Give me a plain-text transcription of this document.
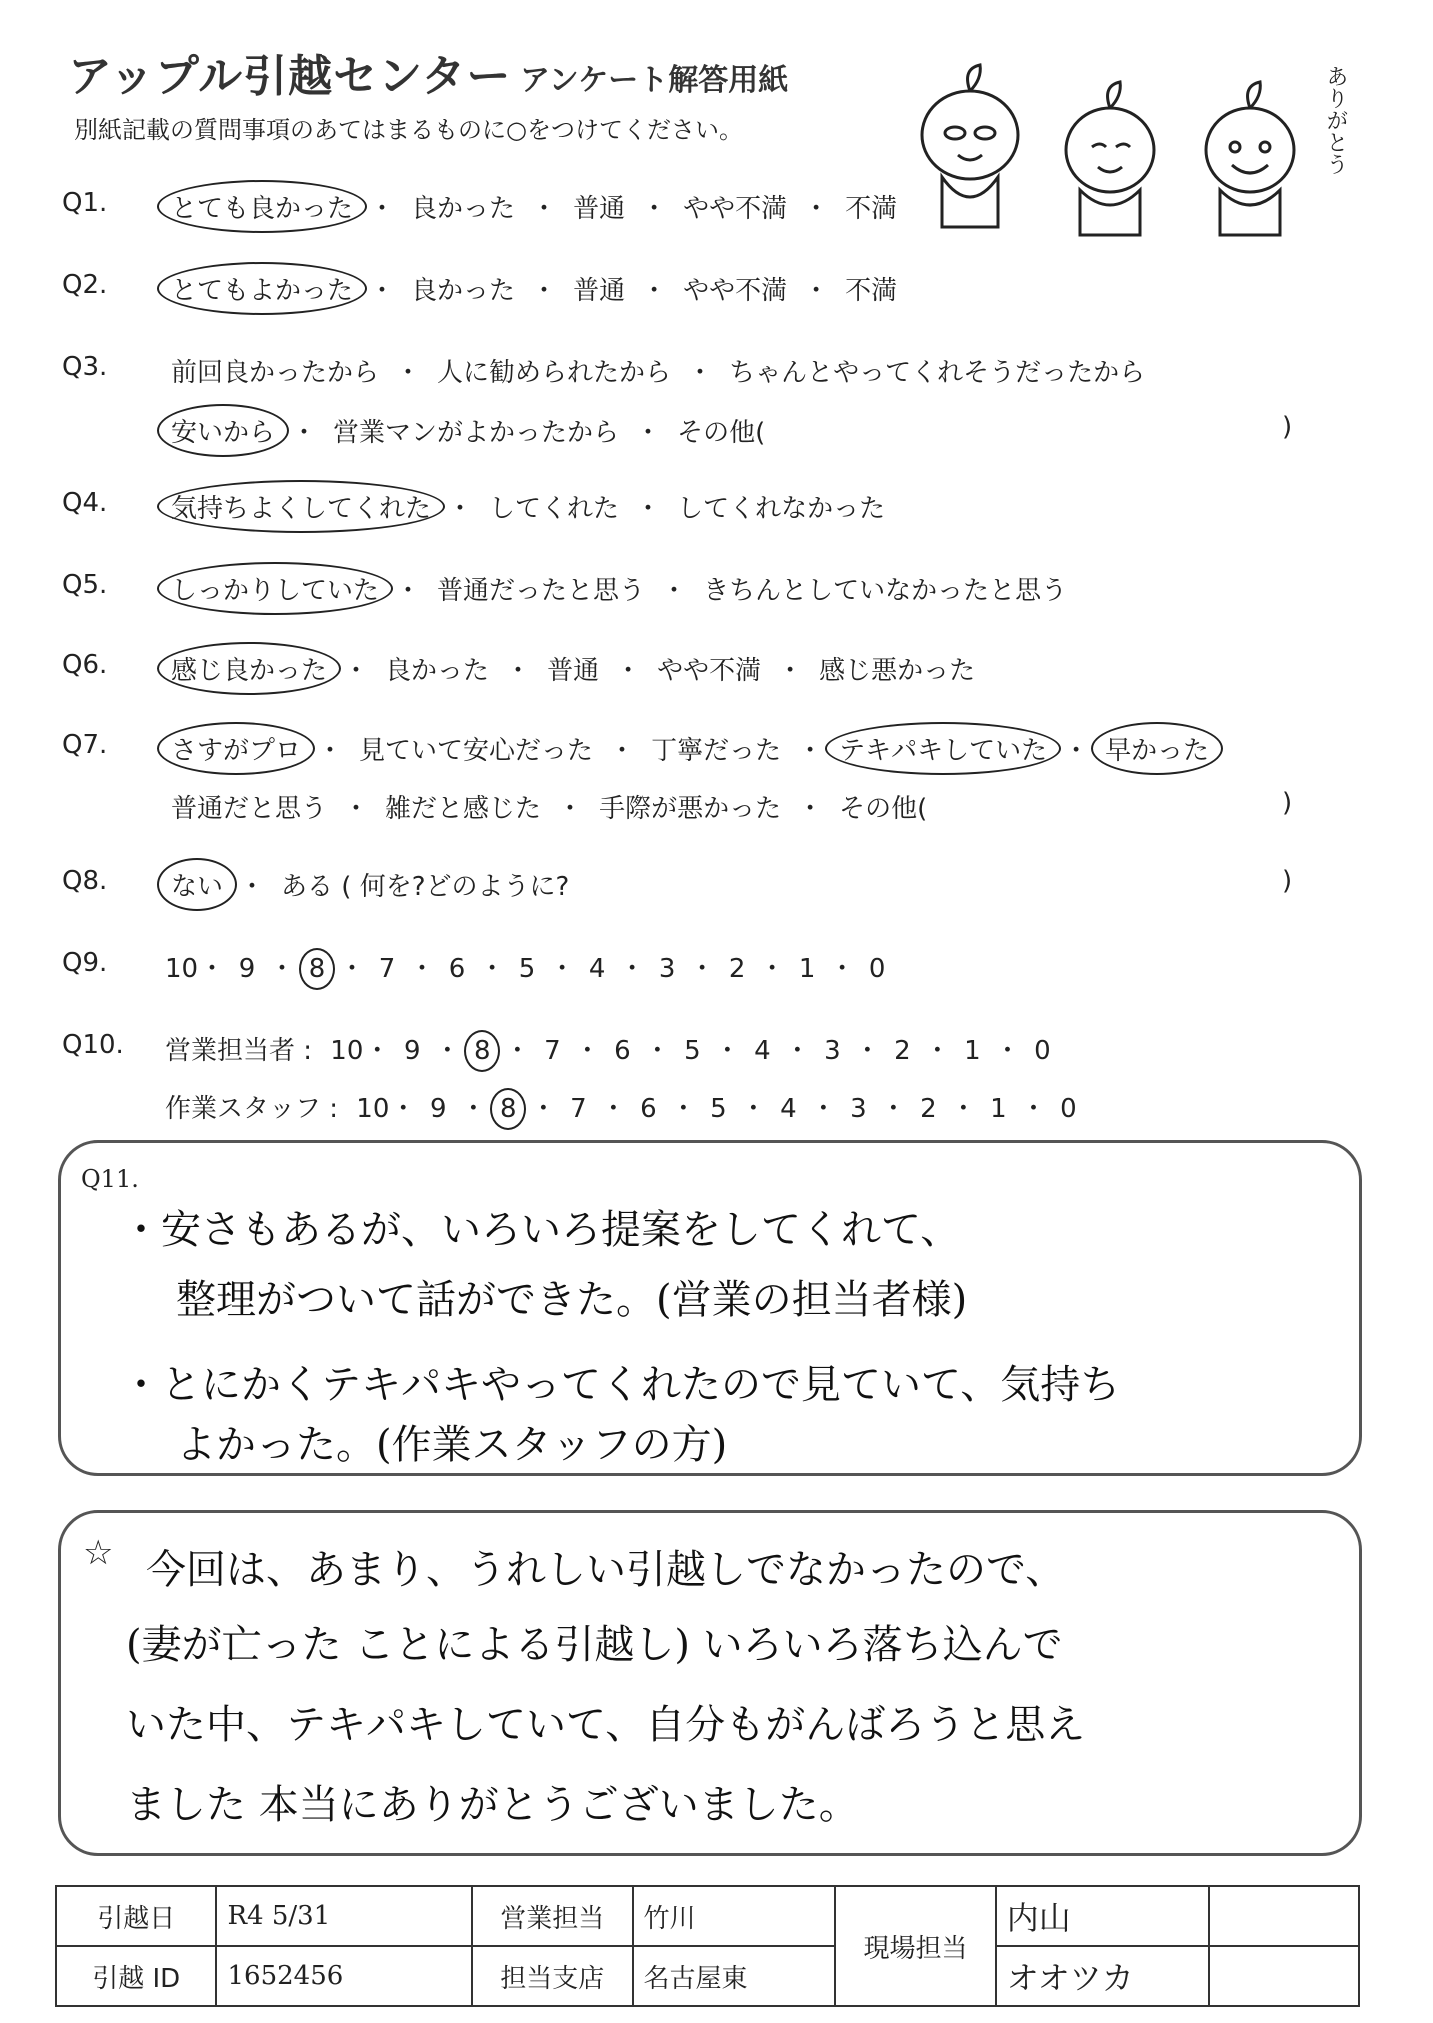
アップル引越センター アンケート解答用紙
別紙記載の質問事項のあてはまるものに○をつけてください。	ありがとう
Q1. とても良かった ・ 良かった ・ 普通 ・ やや不満 ・ 不満
Q2. とてもよかった ・ 良かった ・ 普通 ・ やや不満 ・ 不満
Q3. 前回良かったから ・ 人に勧められたから ・ ちゃんとやってくれそうだったから
安いから ・ 営業マンがよかったから ・ その他(	)
Q4. 気持ちよくしてくれた ・ してくれた ・ してくれなかった
Q5. しっかりしていた ・ 普通だったと思う ・ きちんとしていなかったと思う
Q6. 感じ良かった ・ 良かった ・ 普通 ・ やや不満 ・ 感じ悪かった
Q7. さすがプロ ・ 見ていて安心だった ・ 丁寧だった ・ テキパキしていた ・ 早かった
普通だと思う ・ 雑だと感じた ・ 手際が悪かった ・ その他(	)
Q8. ない ・ ある ( 何を?どのように?	)
Q9. 10・ 9 ・ 8 ・ 7 ・ 6 ・ 5 ・ 4 ・ 3 ・ 2 ・ 1 ・ 0
Q10. 営業担当者 : 10・ 9 ・ 8 ・ 7 ・ 6 ・ 5 ・ 4 ・ 3 ・ 2 ・ 1 ・ 0
作業スタッフ : 10・ 9 ・ 8 ・ 7 ・ 6 ・ 5 ・ 4 ・ 3 ・ 2 ・ 1 ・ 0
Q11.
・安さもあるが、いろいろ提案をしてくれて、
整理がついて話ができた。(営業の担当者様)
・とにかくテキパキやってくれたので見ていて、気持ち
よかった。(作業スタッフの方)
☆ 今回は、あまり、うれしい引越しでなかったので、
(妻が亡った ことによる引越し) いろいろ落ち込んで
いた中、テキパキしていて、自分もがんばろうと思え
ました 本当にありがとうございました。
引越日	R4 5/31	営業担当	竹川	現場担当	内山	
引越 ID	1652456	担当支店	名古屋東		オオツカ	
